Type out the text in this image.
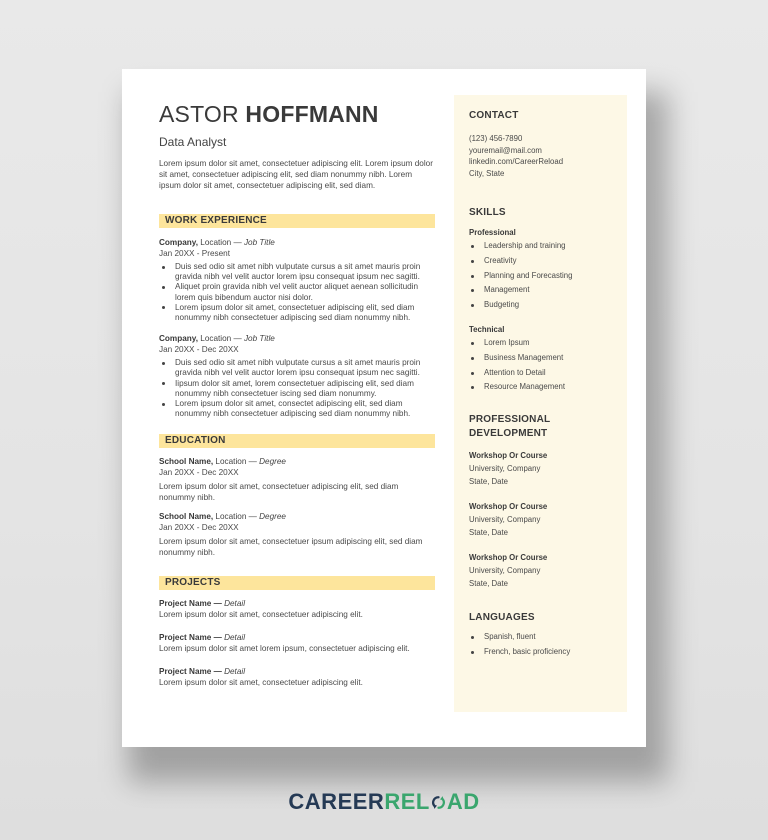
ASTOR HOFFMANN
Data Analyst
Lorem ipsum dolor sit amet, consectetuer adipiscing elit. Lorem ipsum dolor sit amet, consectetuer adipiscing elit, sed diam nonummy nibh. Lorem ipsum dolor sit amet, consectetuer adipiscing elit, sed diam.
WORK EXPERIENCE
Company, Location — Job Title
Jan 20XX - Present
Duis sed odio sit amet nibh vulputate cursus a sit amet mauris proin gravida nibh vel velit auctor lorem ipsu consequat ipsum nec sagitti.
Aliquet proin gravida nibh vel velit auctor aliquet aenean sollicitudin lorem quis bibendum auctor nisi dolor.
Lorem ipsum dolor sit amet, consectetuer adipiscing elit, sed diam nonummy nibh consectetuer adipiscing sed diam nonummy nibh.
Company, Location — Job Title
Jan 20XX - Dec 20XX
Duis sed odio sit amet nibh vulputate cursus a sit amet mauris proin gravida nibh vel velit auctor lorem ipsu consequat ipsum nec sagitti.
Iipsum dolor sit amet, lorem consectetuer adipiscing elit, sed diam nonummy nibh consectetuer iscing sed diam nonummy.
Lorem ipsum dolor sit amet, consectet adipiscing elit, sed diam nonummy nibh consectetuer adipiscing sed diam nonummy nibh.
EDUCATION
School Name, Location — Degree
Jan 20XX - Dec 20XX
Lorem ipsum dolor sit amet, consectetuer adipiscing elit, sed diam nonummy nibh.
School Name, Location — Degree
Jan 20XX - Dec 20XX
Lorem ipsum dolor sit amet, consectetuer ipsum adipiscing elit, sed diam nonummy nibh.
PROJECTS
Project Name — Detail
Lorem ipsum dolor sit amet, consectetuer adipiscing elit.
Project Name — Detail
Lorem ipsum dolor sit amet lorem ipsum, consectetuer adipiscing elit.
Project Name — Detail
Lorem ipsum dolor sit amet, consectetuer adipiscing elit.
CONTACT
(123) 456-7890
youremail@mail.com
linkedin.com/CareerReload
City, State
SKILLS
Professional
Leadership and training
Creativity
Planning and Forecasting
Management
Budgeting
Technical
Lorem Ipsum
Business Management
Attention to Detail
Resource Management
PROFESSIONAL
DEVELOPMENT
Workshop Or Course
University, Company
State, Date
Workshop Or Course
University, Company
State, Date
Workshop Or Course
University, Company
State, Date
LANGUAGES
Spanish, fluent
French, basic proficiency
CAREERREL AD
